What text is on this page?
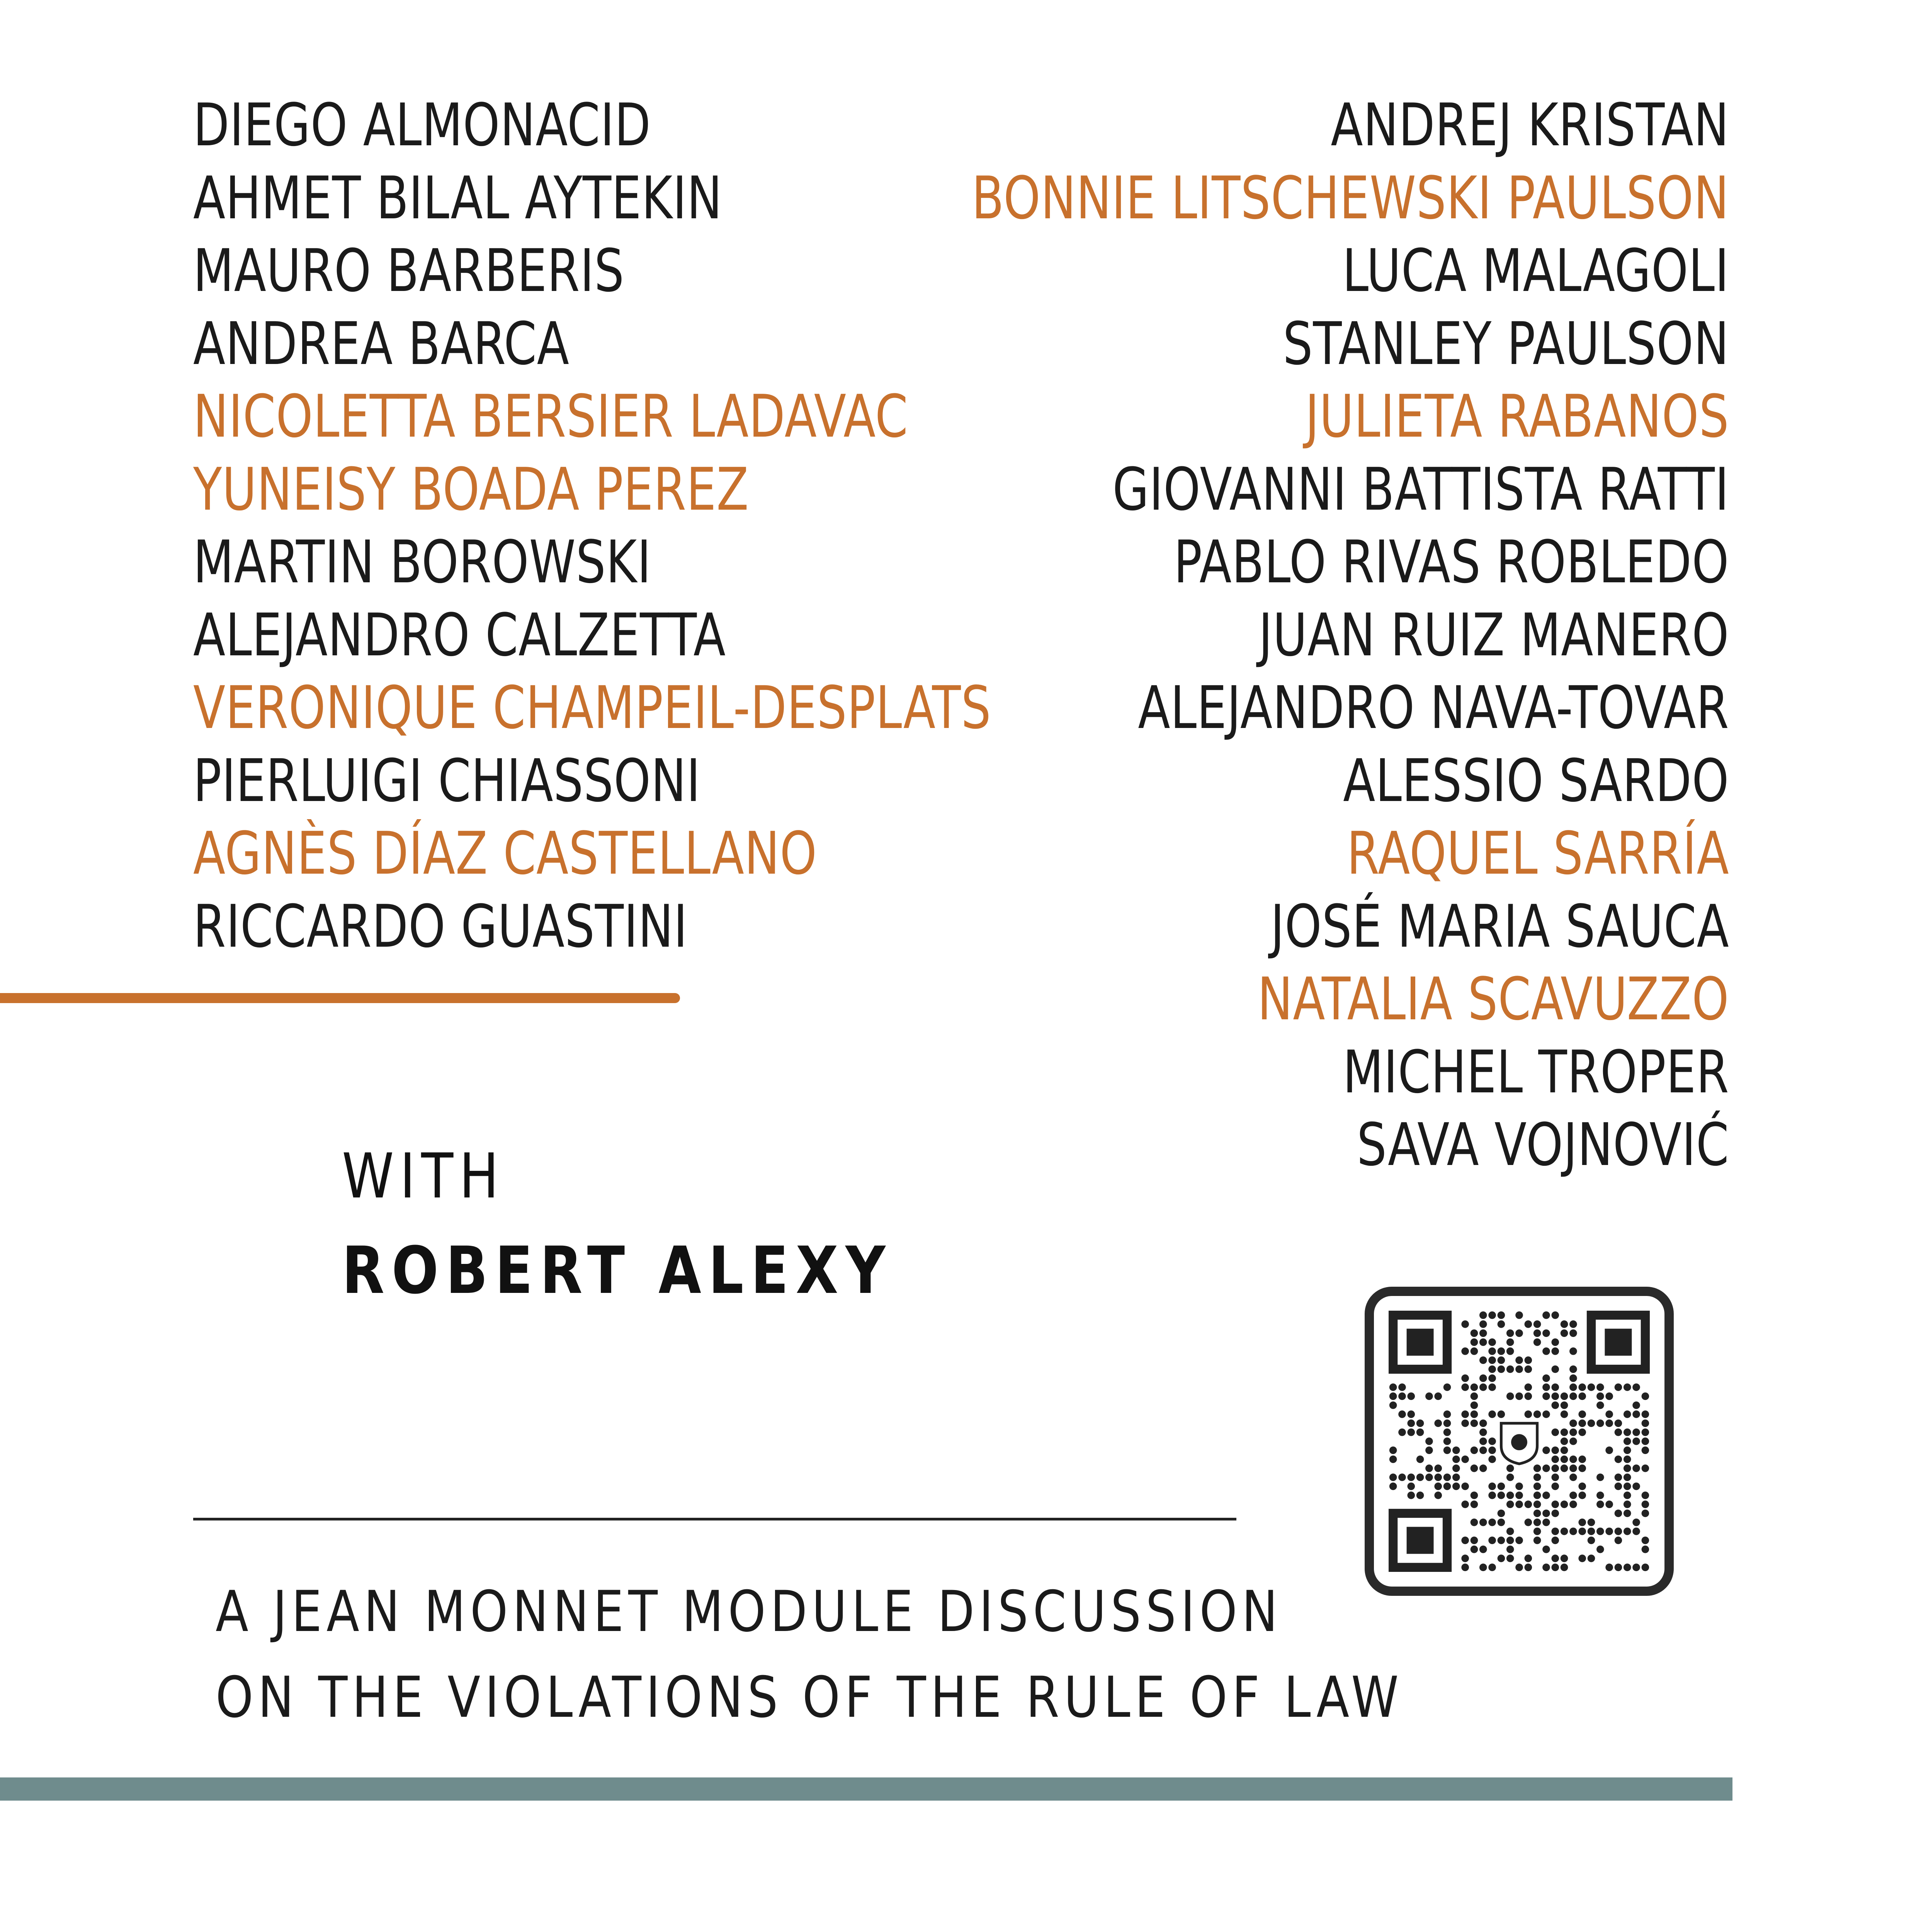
DIEGO ALMONACID
AHMET BILAL AYTEKIN
MAURO BARBERIS
ANDREA BARCA
NICOLETTA BERSIER LADAVAC
YUNEISY BOADA PEREZ
MARTIN BOROWSKI
ALEJANDRO CALZETTA
VERONIQUE CHAMPEIL-DESPLATS
PIERLUIGI CHIASSONI
AGNÈS DÍAZ CASTELLANO
RICCARDO GUASTINI
ANDREJ KRISTAN
BONNIE LITSCHEWSKI PAULSON
LUCA MALAGOLI
STANLEY PAULSON
JULIETA RABANOS
GIOVANNI BATTISTA RATTI
PABLO RIVAS ROBLEDO
JUAN RUIZ MANERO
ALEJANDRO NAVA-TOVAR
ALESSIO SARDO
RAQUEL SARRÍA
JOSÉ MARIA SAUCA
NATALIA SCAVUZZO
MICHEL TROPER
SAVA VOJNOVIĆ
WITH
ROBERT ALEXY
A JEAN MONNET MODULE DISCUSSION
ON THE VIOLATIONS OF THE RULE OF LAW
